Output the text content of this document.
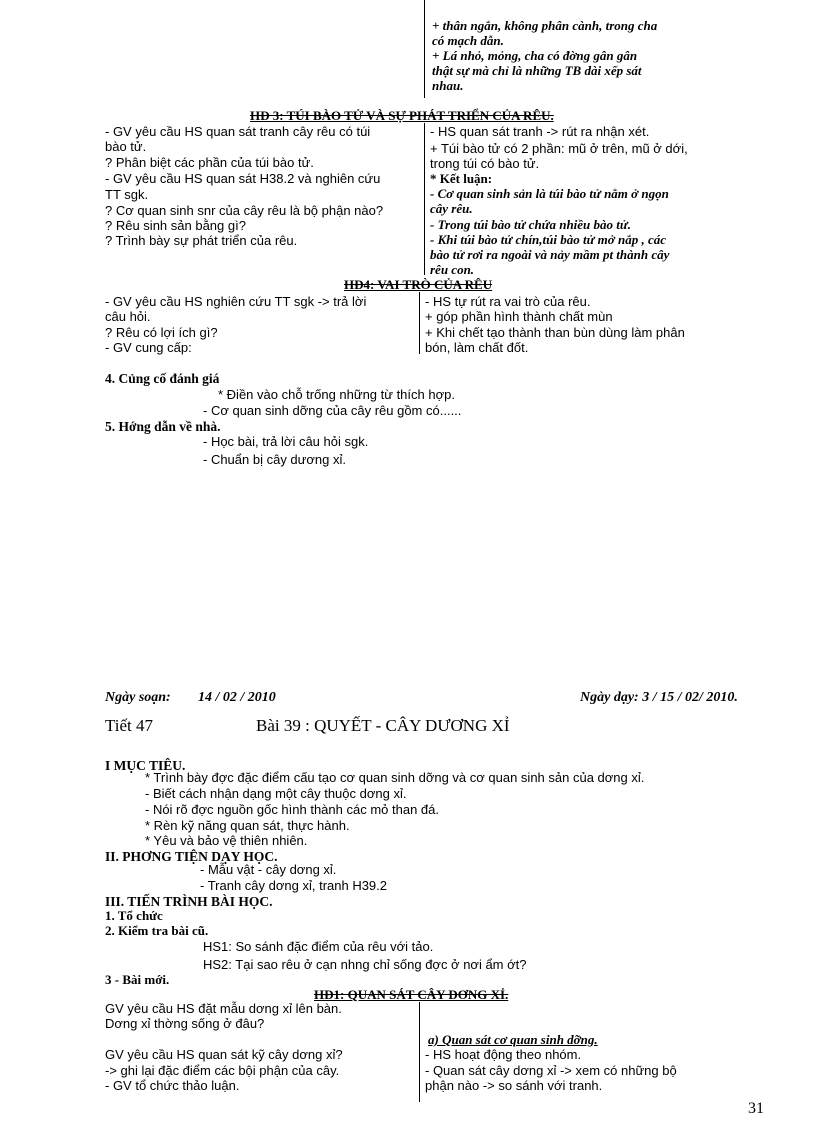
+ thân ngắn, không phân cành, trong cha
có mạch dẫn.
+ Lá nhỏ, mỏng, cha có đờng gân gân
thật sự mà chỉ là những TB dài xếp sát
nhau.
HĐ 3: TÚI BÀO TỬ VÀ SỰ PHÁT TRIỂN CỦA RÊU.
- GV yêu cầu HS quan sát tranh cây rêu có túi
bào tử.
? Phân biệt các phần của túi bào tử.
- GV yêu cầu HS quan sát H38.2 và nghiên cứu
TT sgk.
? Cơ quan sinh snr của cây rêu là bộ phận nào?
? Rêu sinh sản bằng gì?
? Trình bày sự phát triển của rêu.
- HS quan sát tranh -> rút ra nhận xét.
+ Túi bào tử có 2 phần: mũ ở trên, mũ ở dới,
trong túi có bào tử.
* Kết luận:
- Cơ quan sinh sản là túi bào tử nằm ở ngọn
cây rêu.
- Trong túi bào tử chứa nhiều bào tử.
- Khi túi bào tử chín,túi bào tử mở nắp , các
bào tử rơi ra ngoài và nảy mầm pt thành cây
rêu con.
HĐ4: VAI TRÒ CỦA RÊU
- GV yêu cầu HS nghiên cứu TT sgk -> trả lời
câu hỏi.
? Rêu có lợi ích gì?
- GV cung cấp:
- HS tự rút ra vai trò của rêu.
+ góp phần hình thành chất mùn
+ Khi chết tạo thành than bùn dùng làm phân
bón, làm chất đốt.
4. Củng cố đánh giá
* Điền vào chỗ trống những từ thích hợp.
- Cơ quan sinh dỡng của cây rêu gồm có......
5. Hớng dẫn về nhà.
- Học bài, trả lời câu hỏi sgk.
- Chuẩn bị cây dương xỉ.
Ngày soạn: 14 / 02 / 2010	Ngày dạy: 3 / 15 / 02/ 2010.
Tiết 47	Bài 39 : QUYẾT - CÂY DƯƠNG XỈ
I MỤC TIÊU.
* Trình bày đợc đặc điểm cấu tạo cơ quan sinh dỡng và cơ quan sinh sản của dơng xỉ.
- Biết cách nhận dạng một cây thuộc dơng xỉ.
- Nói rõ đợc nguồn gốc hình thành các mỏ than đá.
* Rèn kỹ năng quan sát, thực hành.
* Yêu và bảo vệ thiên nhiên.
II. PHƠNG TIỆN DẠY HỌC.
- Mẫu vật - cây dơng xỉ.
- Tranh cây dơng xỉ, tranh H39.2
III. TIẾN TRÌNH BÀI HỌC.
1. Tổ chức
2. Kiểm tra bài cũ.
HS1: So sánh đặc điểm của rêu với tảo.
HS2: Tại sao rêu ở cạn nhng chỉ sống đợc ở nơi ẩm ớt?
3 - Bài mới.
HĐ1: QUAN SÁT CÂY DƠNG XỈ.
GV yêu cầu HS đặt mẫu dơng xỉ lên bàn.
Dơng xỉ thờng sống ở đâu?
GV yêu cầu HS quan sát kỹ cây dơng xỉ?
-> ghi lại đặc điểm các bội phận của cây.
- GV tổ chức thảo luận.
a) Quan sát cơ quan sinh dỡng.
- HS hoạt động theo nhóm.
- Quan sát cây dơng xỉ -> xem có những bộ
phận nào -> so sánh với tranh.
31
